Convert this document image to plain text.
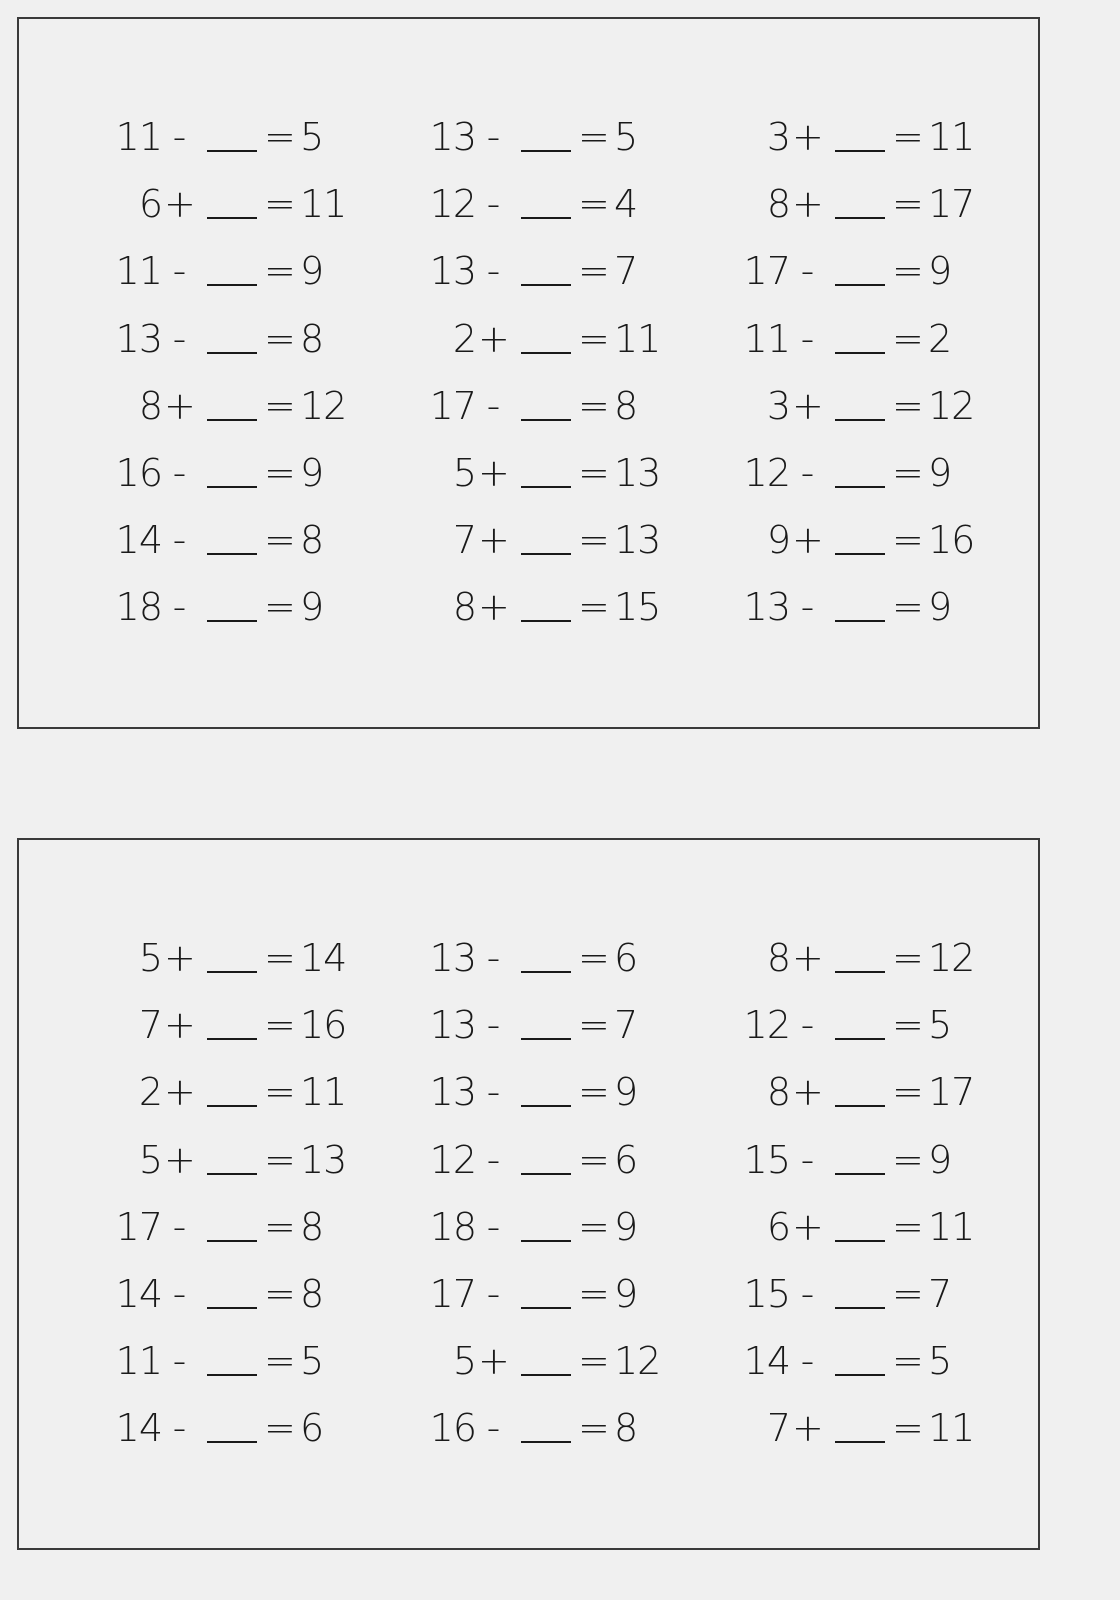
11 - = 5
6 + = 11
11 - = 9
13 - = 8
8 + = 12
16 - = 9
14 - = 8
18 - = 9
13 - = 5
12 - = 4
13 - = 7
2 + = 11
17 - = 8
5 + = 13
7 + = 13
8 + = 15
3 + = 11
8 + = 17
17 - = 9
11 - = 2
3 + = 12
12 - = 9
9 + = 16
13 - = 9
5 + = 14
7 + = 16
2 + = 11
5 + = 13
17 - = 8
14 - = 8
11 - = 5
14 - = 6
13 - = 6
13 - = 7
13 - = 9
12 - = 6
18 - = 9
17 - = 9
5 + = 12
16 - = 8
8 + = 12
12 - = 5
8 + = 17
15 - = 9
6 + = 11
15 - = 7
14 - = 5
7 + = 11
